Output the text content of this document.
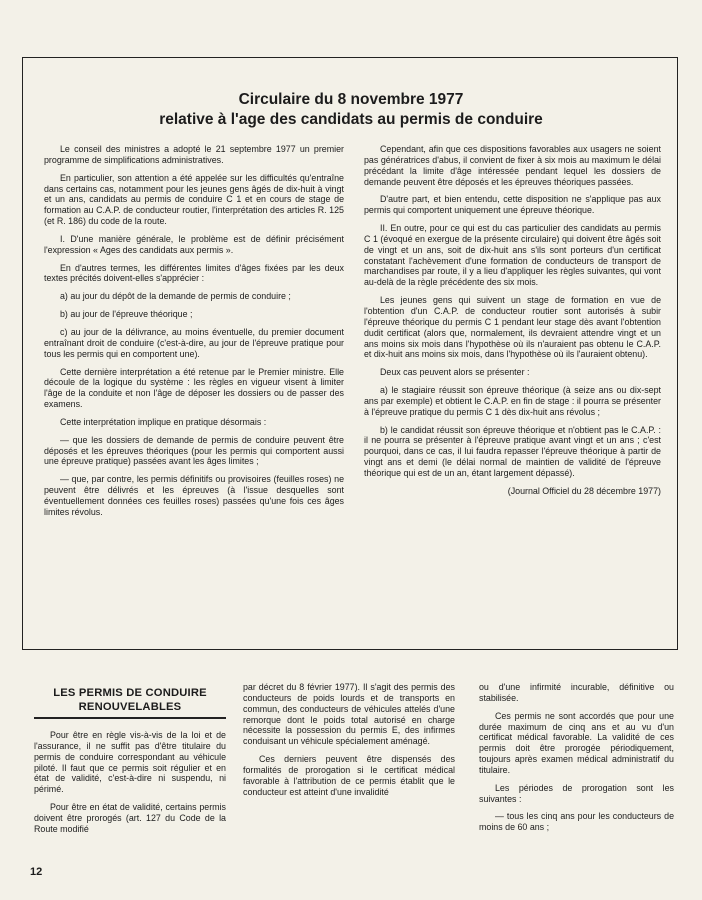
Circulaire du 8 novembre 1977
relative à l'age des candidats au permis de conduire

Le conseil des ministres a adopté le 21 septembre 1977 un premier programme de simplifications administratives.

En particulier, son attention a été appelée sur les difficultés qu'entraîne dans certains cas, notamment pour les jeunes gens âgés de dix-huit à vingt et un ans, candidats au permis de conduire C 1 et en cours de stage de formation au C.A.P. de conducteur routier, l'interprétation des articles R. 125 (et R. 186) du code de la route.

I. D'une manière générale, le problème est de définir précisément l'expression « Ages des candidats aux permis ».

En d'autres termes, les différentes limites d'âges fixées par les deux textes précités doivent-elles s'apprécier :

a) au jour du dépôt de la demande de permis de conduire ;

b) au jour de l'épreuve théorique ;

c) au jour de la délivrance, au moins éventuelle, du premier document entraînant droit de conduire (c'est-à-dire, au jour de l'épreuve pratique pour tous les permis qui en comportent une).

Cette dernière interprétation a été retenue par le Premier ministre. Elle découle de la logique du système : les règles en vigueur visent à limiter l'âge de la conduite et non l'âge de déposer les dossiers ou de passer des examens.

Cette interprétation implique en pratique désormais :

— que les dossiers de demande de permis de conduire peuvent être déposés et les épreuves théoriques (pour les permis qui comportent aussi une épreuve pratique) passées avant les âges limites ;

— que, par contre, les permis définitifs ou provisoires (feuilles roses) ne peuvent être délivrés et les épreuves (à l'issue desquelles sont éventuellement données ces feuilles roses) passées qu'une fois ces âges limites révolus.

Cependant, afin que ces dispositions favorables aux usagers ne soient pas génératrices d'abus, il convient de fixer à six mois au maximum le délai précédant la limite d'âge intéressée pendant lequel les dossiers de demande peuvent être déposés et les épreuves théoriques passées.

D'autre part, et bien entendu, cette disposition ne s'applique pas aux permis qui comportent uniquement une épreuve théorique.

II. En outre, pour ce qui est du cas particulier des candidats au permis C 1 (évoqué en exergue de la présente circulaire) qui doivent être âgés soit de vingt et un ans, soit de dix-huit ans s'ils sont porteurs d'un certificat constatant l'achèvement d'une formation de conducteurs de transport de marchandises par route, il y a lieu d'appliquer les règles suivantes, qui vont au-delà de la règle précédente des six mois.

Les jeunes gens qui suivent un stage de formation en vue de l'obtention d'un C.A.P. de conducteur routier sont autorisés à subir l'épreuve théorique du permis C 1 pendant leur stage dès avant l'obtention dudit certificat (alors que, normalement, ils devraient attendre vingt et un ans moins six mois dans l'hypothèse où ils n'auraient pas obtenu le C.A.P. et dix-huit ans moins six mois, dans l'hypothèse où ils l'auraient obtenu).

Deux cas peuvent alors se présenter :

a) le stagiaire réussit son épreuve théorique (à seize ans ou dix-sept ans par exemple) et obtient le C.A.P. en fin de stage : il pourra se présenter à l'épreuve pratique du permis C 1 dès dix-huit ans révolus ;

b) le candidat réussit son épreuve théorique et n'obtient pas le C.A.P. : il ne pourra se présenter à l'épreuve pratique avant vingt et un ans ; c'est pourquoi, dans ce cas, il lui faudra repasser l'épreuve théorique à partir de vingt ans et demi (le délai normal de maintien de validité de l'épreuve théorique qui est de un an, étant largement dépassé).

(Journal Officiel du 28 décembre 1977)

LES PERMIS DE CONDUIRE
RENOUVELABLES

Pour être en règle vis-à-vis de la loi et de l'assurance, il ne suffit pas d'être titulaire du permis de conduire correspondant au véhicule piloté. Il faut que ce permis soit régulier et en état de validité, c'est-à-dire ni suspendu, ni périmé.

Pour être en état de validité, certains permis doivent être prorogés (art. 127 du Code de la Route modifié

par décret du 8 février 1977). Il s'agit des permis des conducteurs de poids lourds et de transports en commun, des conducteurs de véhicules attelés d'une remorque dont le poids total autorisé en charge nécessite la possession du permis E, des infirmes conduisant un véhicule spécialement aménagé.

Ces derniers peuvent être dispensés des formalités de prorogation si le certificat médical favorable à l'attribution de ce permis établit que le conducteur est atteint d'une invalidité

ou d'une infirmité incurable, définitive ou stabilisée.

Ces permis ne sont accordés que pour une durée maximum de cinq ans et au vu d'un certificat médical favorable. La validité de ces permis doit être prorogée périodiquement, toujours après examen médical administratif du titulaire.

Les périodes de prorogation sont les suivantes :

— tous les cinq ans pour les conducteurs de moins de 60 ans ;

12
